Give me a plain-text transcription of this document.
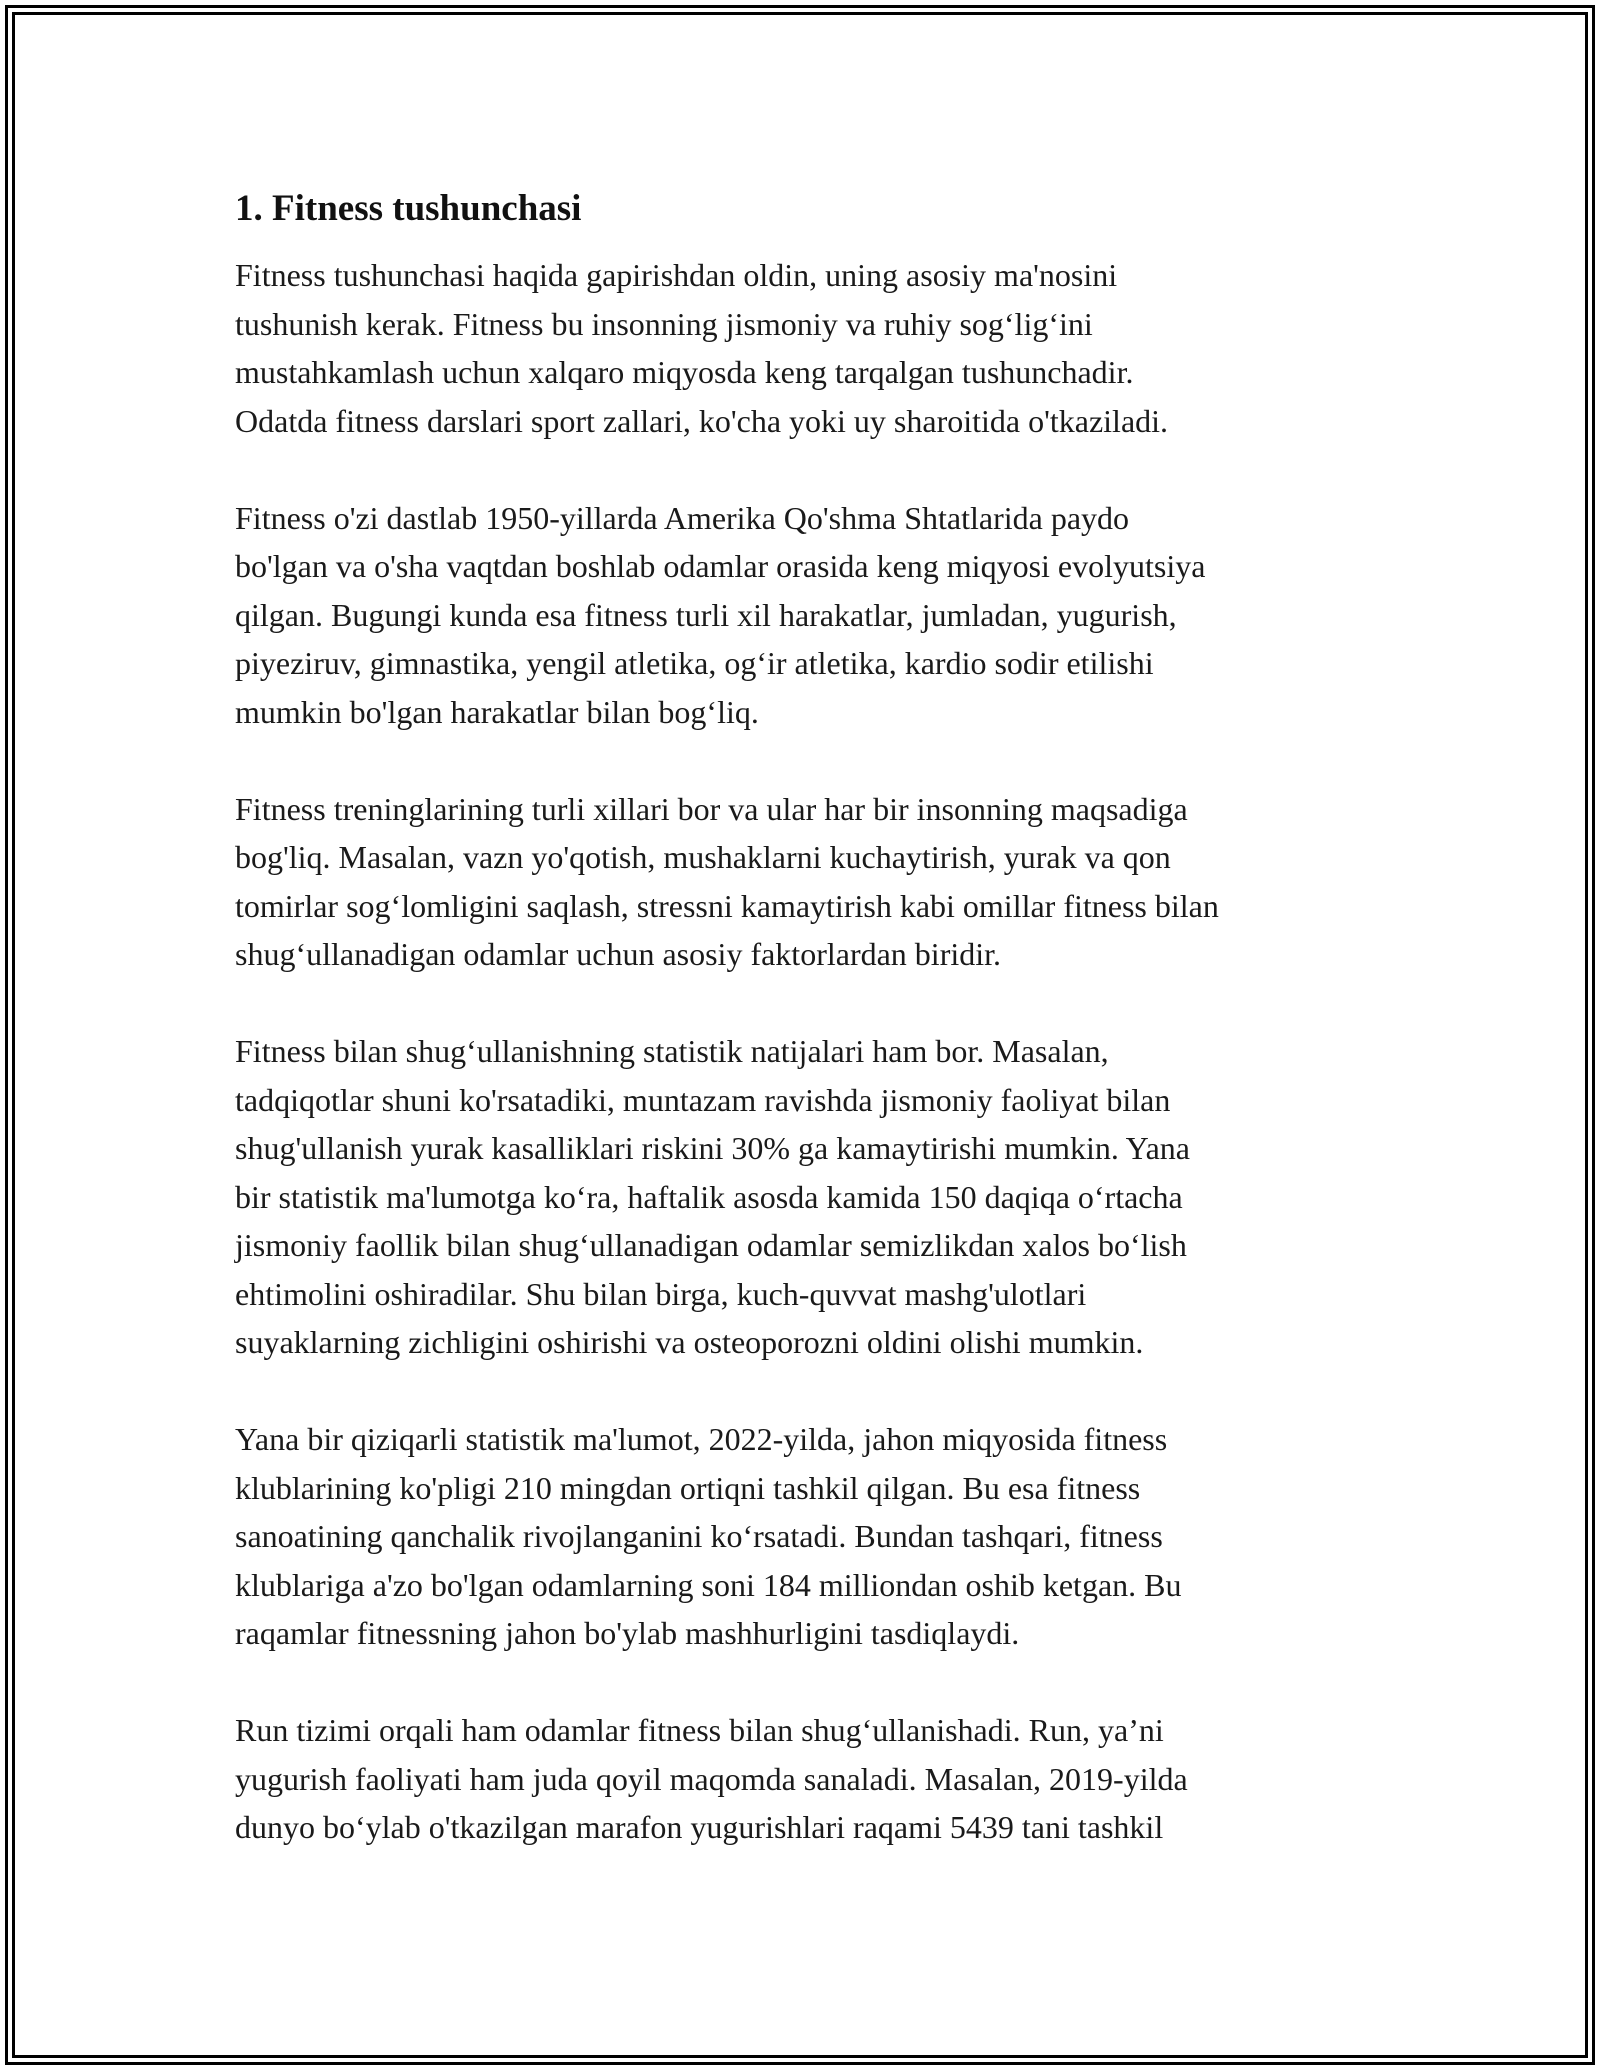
1. Fitness tushunchasi
Fitness tushunchasi haqida gapirishdan oldin, uning asosiy ma'nosini
tushunish kerak. Fitness bu insonning jismoniy va ruhiy sog‘lig‘ini
mustahkamlash uchun xalqaro miqyosda keng tarqalgan tushunchadir.
Odatda fitness darslari sport zallari, ko'cha yoki uy sharoitida o'tkaziladi.
Fitness o'zi dastlab 1950-yillarda Amerika Qo'shma Shtatlarida paydo
bo'lgan va o'sha vaqtdan boshlab odamlar orasida keng miqyosi evolyutsiya
qilgan. Bugungi kunda esa fitness turli xil harakatlar, jumladan, yugurish,
piyeziruv, gimnastika, yengil atletika, og‘ir atletika, kardio sodir etilishi
mumkin bo'lgan harakatlar bilan bog‘liq.
Fitness treninglarining turli xillari bor va ular har bir insonning maqsadiga
bog'liq. Masalan, vazn yo'qotish, mushaklarni kuchaytirish, yurak va qon
tomirlar sog‘lomligini saqlash, stressni kamaytirish kabi omillar fitness bilan
shug‘ullanadigan odamlar uchun asosiy faktorlardan biridir.
Fitness bilan shug‘ullanishning statistik natijalari ham bor. Masalan,
tadqiqotlar shuni ko'rsatadiki, muntazam ravishda jismoniy faoliyat bilan
shug'ullanish yurak kasalliklari riskini 30% ga kamaytirishi mumkin. Yana
bir statistik ma'lumotga ko‘ra, haftalik asosda kamida 150 daqiqa o‘rtacha
jismoniy faollik bilan shug‘ullanadigan odamlar semizlikdan xalos bo‘lish
ehtimolini oshiradilar. Shu bilan birga, kuch-quvvat mashg'ulotlari
suyaklarning zichligini oshirishi va osteoporozni oldini olishi mumkin.
Yana bir qiziqarli statistik ma'lumot, 2022-yilda, jahon miqyosida fitness
klublarining ko'pligi 210 mingdan ortiqni tashkil qilgan. Bu esa fitness
sanoatining qanchalik rivojlanganini ko‘rsatadi. Bundan tashqari, fitness
klublariga a'zo bo'lgan odamlarning soni 184 milliondan oshib ketgan. Bu
raqamlar fitnessning jahon bo'ylab mashhurligini tasdiqlaydi.
Run tizimi orqali ham odamlar fitness bilan shug‘ullanishadi. Run, ya’ni
yugurish faoliyati ham juda qoyil maqomda sanaladi. Masalan, 2019-yilda
dunyo bo‘ylab o'tkazilgan marafon yugurishlari raqami 5439 tani tashkil
